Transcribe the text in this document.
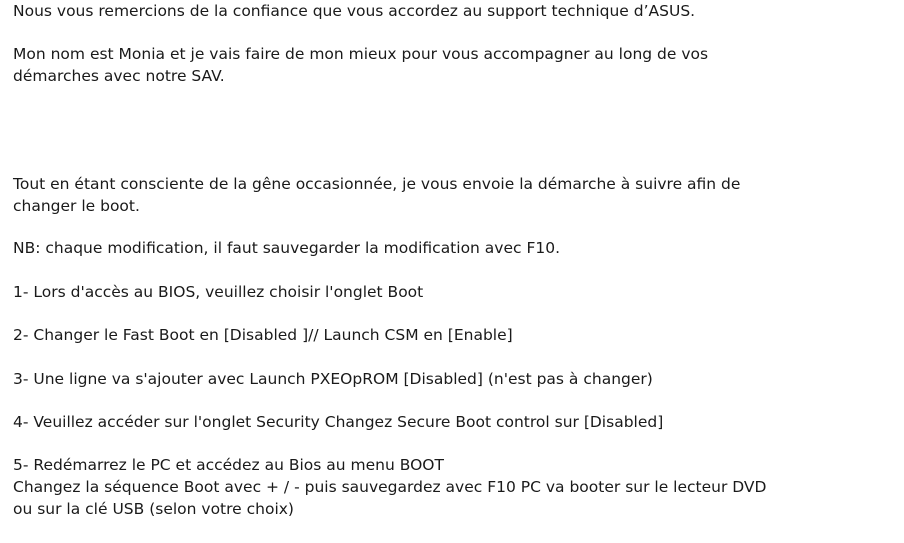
Nous vous remercions de la confiance que vous accordez au support technique d’ASUS.
Mon nom est Monia et je vais faire de mon mieux pour vous accompagner au long de vos
démarches avec notre SAV.
Tout en étant consciente de la gêne occasionnée, je vous envoie la démarche à suivre afin de
changer le boot.
NB: chaque modification, il faut sauvegarder la modification avec F10.
1- Lors d'accès au BIOS, veuillez choisir l'onglet Boot
2- Changer le Fast Boot en [Disabled ]// Launch CSM en [Enable]
3- Une ligne va s'ajouter avec Launch PXEOpROM [Disabled] (n'est pas à changer)
4- Veuillez accéder sur l'onglet Security Changez Secure Boot control sur [Disabled]
5- Redémarrez le PC et accédez au Bios au menu BOOT
Changez la séquence Boot avec + / - puis sauvegardez avec F10 PC va booter sur le lecteur DVD
ou sur la clé USB (selon votre choix)
